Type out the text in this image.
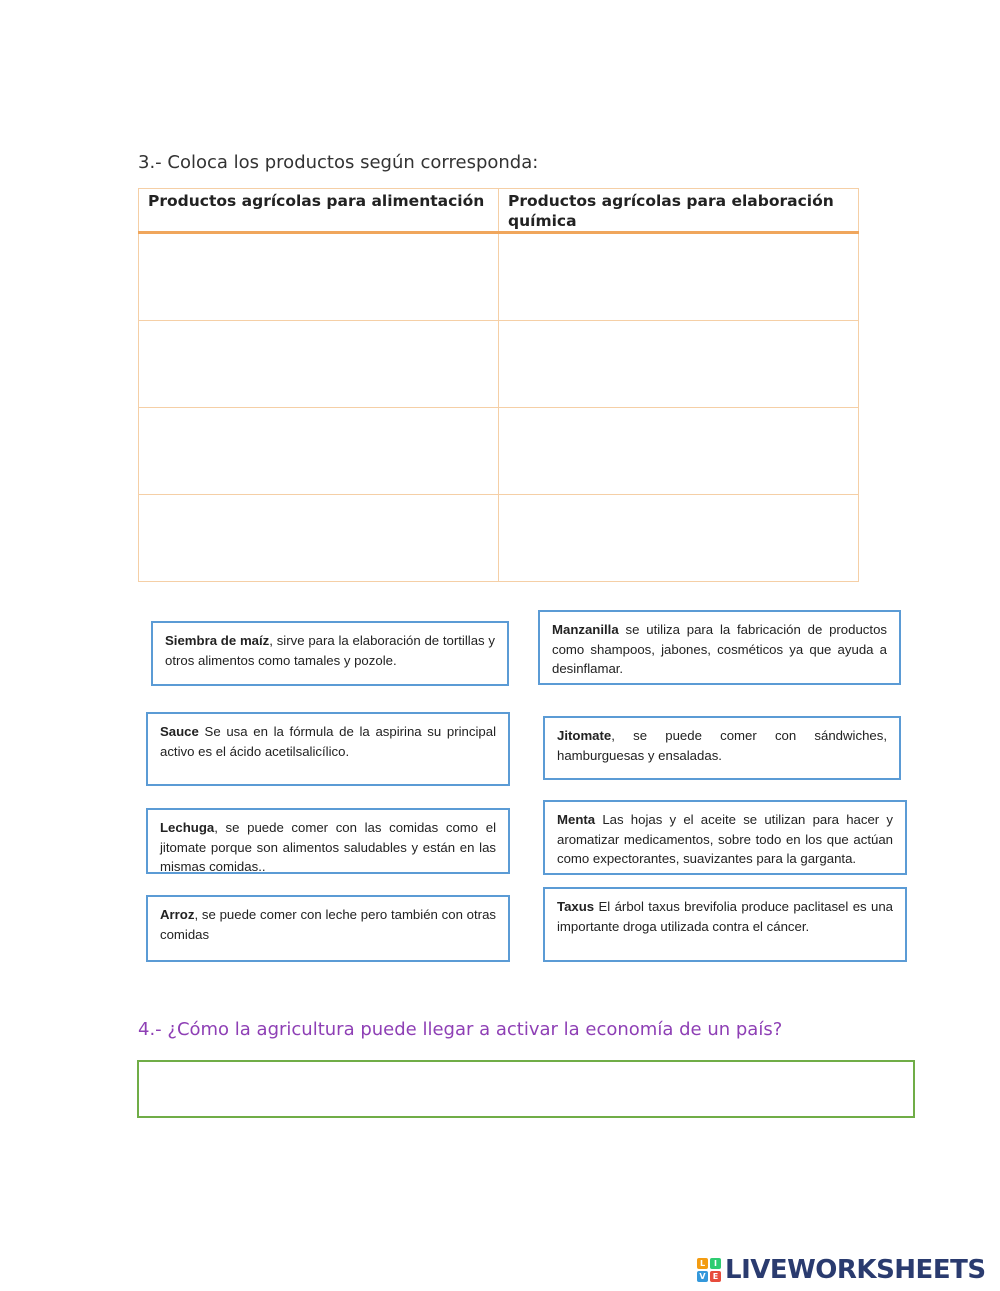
3.- Coloca los productos según corresponda:
Productos agrícolas para alimentación	Productos agrícolas para elaboración química

Siembra de maíz, sirve para la elaboración de tortillas y otros alimentos como tamales y pozole.
Manzanilla se utiliza para la fabricación de productos como shampoos, jabones, cosméticos ya que ayuda a desinflamar.
Sauce Se usa en la fórmula de la aspirina su principal activo es el ácido acetilsalicílico.
Jitomate, se puede comer con sándwiches, hamburguesas y ensaladas.
Lechuga, se puede comer con las comidas como el jitomate porque son alimentos saludables y están en las mismas comidas..
Menta Las hojas y el aceite se utilizan para hacer y aromatizar medicamentos, sobre todo en los que actúan como expectorantes, suavizantes para la garganta.
Arroz, se puede comer con leche pero también con otras comidas
Taxus El árbol taxus brevifolia produce paclitasel es una importante droga utilizada contra el cáncer.
4.- ¿Cómo la agricultura puede llegar a activar la economía de un país?
L	I
V E LIVEWORKSHEETS
